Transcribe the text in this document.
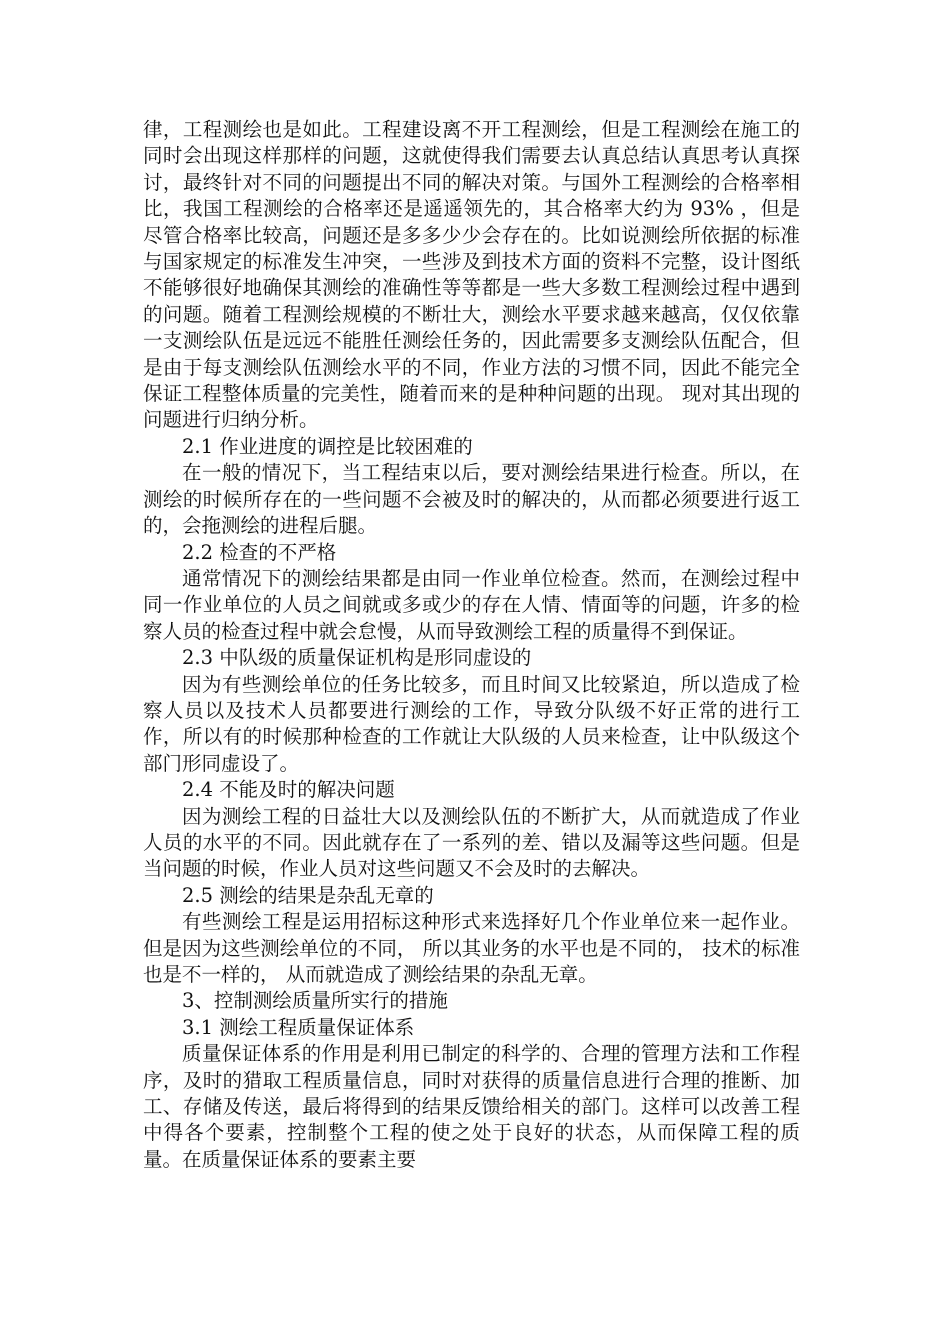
律，工程测绘也是如此。工程建设离不开工程测绘，但是工程测绘在施工的同时会出现这样那样的问题，这就使得我们需要去认真总结认真思考认真探讨，最终针对不同的问题提出不同的解决对策。与国外工程测绘的合格率相比，我国工程测绘的合格率还是遥遥领先的，其合格率大约为 93% ，但是尽管合格率比较高，问题还是多多少少会存在的。比如说测绘所依据的标准与国家规定的标准发生冲突，一些涉及到技术方面的资料不完整，设计图纸不能够很好地确保其测绘的准确性等等都是一些大多数工程测绘过程中遇到的问题。随着工程测绘规模的不断壮大，测绘水平要求越来越高，仅仅依靠一支测绘队伍是远远不能胜任测绘任务的，因此需要多支测绘队伍配合，但是由于每支测绘队伍测绘水平的不同，作业方法的习惯不同，因此不能完全保证工程整体质量的完美性，随着而来的是种种问题的出现。 现对其出现的问题进行归纳分析。

2.1 作业进度的调控是比较困难的

在一般的情况下，当工程结束以后，要对测绘结果进行检查。所以，在测绘的时候所存在的一些问题不会被及时的解决的，从而都必须要进行返工的，会拖测绘的进程后腿。

2.2 检查的不严格

通常情况下的测绘结果都是由同一作业单位检查。然而，在测绘过程中同一作业单位的人员之间就或多或少的存在人情、情面等的问题，许多的检察人员的检查过程中就会怠慢，从而导致测绘工程的质量得不到保证。

2.3 中队级的质量保证机构是形同虚设的

因为有些测绘单位的任务比较多，而且时间又比较紧迫，所以造成了检察人员以及技术人员都要进行测绘的工作，导致分队级不好正常的进行工作，所以有的时候那种检查的工作就让大队级的人员来检查，让中队级这个部门形同虚设了。

2.4 不能及时的解决问题

因为测绘工程的日益壮大以及测绘队伍的不断扩大，从而就造成了作业人员的水平的不同。因此就存在了一系列的差、错以及漏等这些问题。但是当问题的时候，作业人员对这些问题又不会及时的去解决。

2.5 测绘的结果是杂乱无章的

有些测绘工程是运用招标这种形式来选择好几个作业单位来一起作业。 但是因为这些测绘单位的不同， 所以其业务的水平也是不同的， 技术的标准也是不一样的， 从而就造成了测绘结果的杂乱无章。

3、控制测绘质量所实行的措施

3.1 测绘工程质量保证体系

质量保证体系的作用是利用已制定的科学的、合理的管理方法和工作程序，及时的猎取工程质量信息，同时对获得的质量信息进行合理的推断、加工、存储及传送，最后将得到的结果反馈给相关的部门。这样可以改善工程中得各个要素，控制整个工程的使之处于良好的状态，从而保障工程的质量。在质量保证体系的要素主要
